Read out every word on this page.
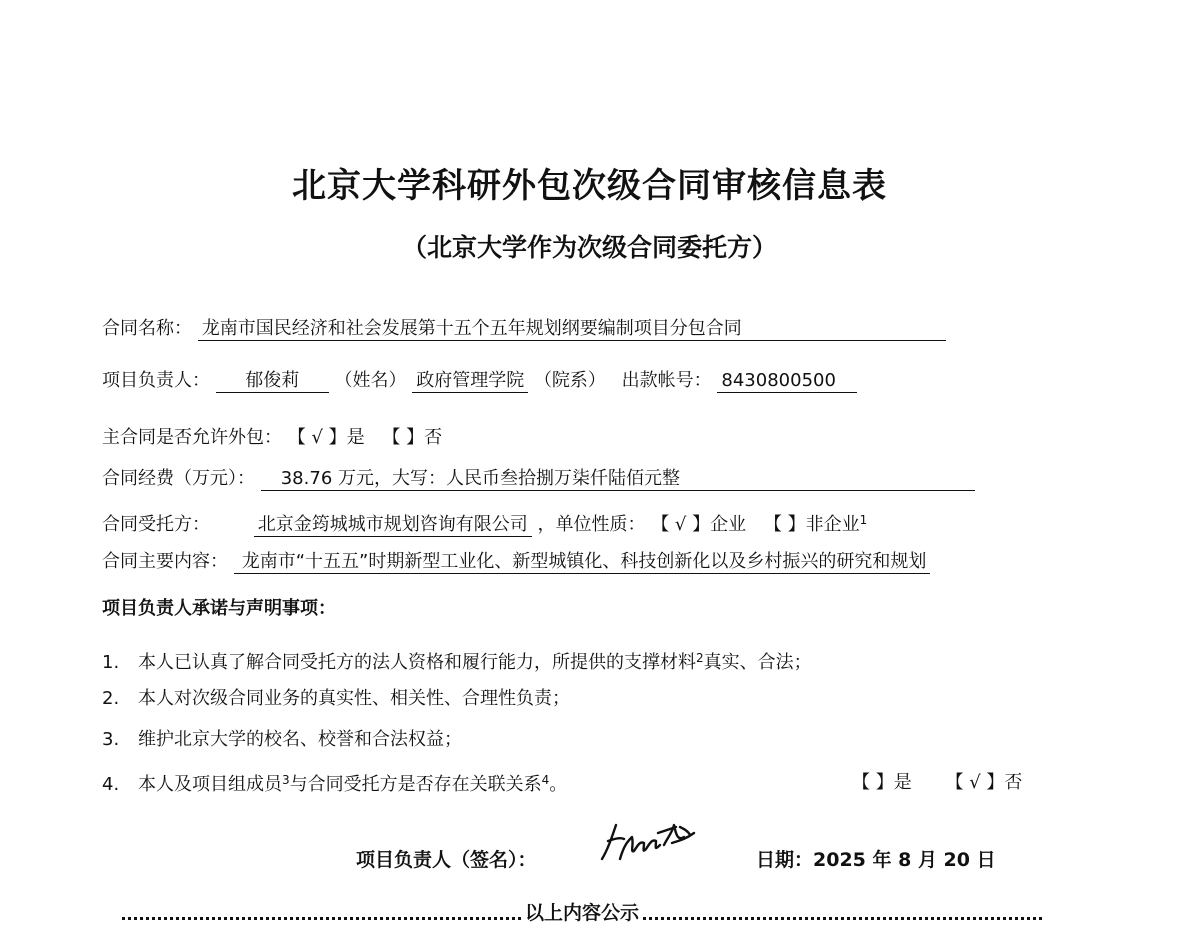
北京大学科研外包次级合同审核信息表
（北京大学作为次级合同委托方）
合同名称： 龙南市国民经济和社会发展第十五个五年规划纲要编制项目分包合同
项目负责人： 郁俊莉 （姓名） 政府管理学院 （院系） 出款帐号： 8430800500
主合同是否允许外包： 【 √ 】是 【 】否
合同经费（万元）： 38.76 万元，大写：人民币叁拾捌万柒仟陆佰元整
合同受托方：	北京金筠城城市规划咨询有限公司 ，单位性质： 【 √ 】企业 【 】非企业$^1$
合同主要内容： 龙南市“十五五”时期新型工业化、新型城镇化、科技创新化以及乡村振兴的研究和规划
项目负责人承诺与声明事项：
1. 本人已认真了解合同受托方的法人资格和履行能力，所提供的支撑材料$^2$真实、合法；
2. 本人对次级合同业务的真实性、相关性、合理性负责；
3. 维护北京大学的校名、校誉和合法权益；
4. 本人及项目组成员$^3$与合同受托方是否存在关联关系$^4$。	【 】是 【 √ 】否
项目负责人（签名）：	日期：2025 年 8 月 20 日
以上内容公示
